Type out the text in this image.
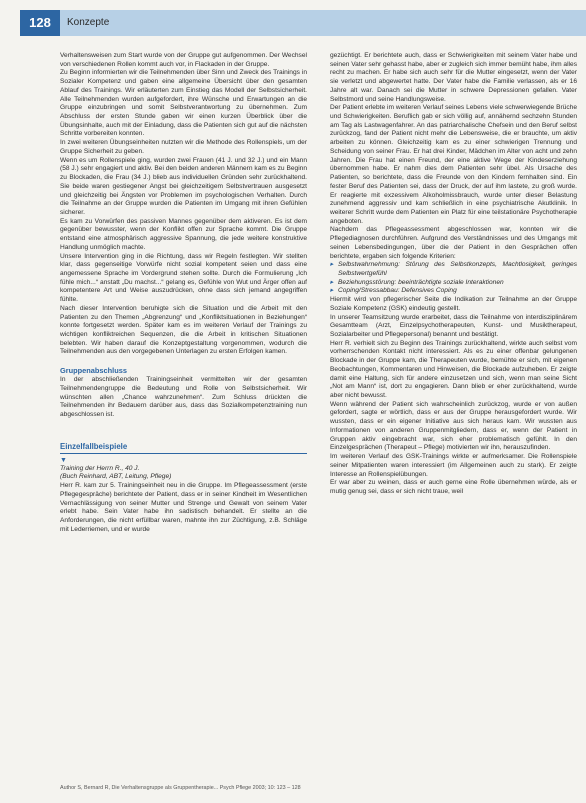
128	Konzepte

Verhaltensweisen zum Start wurde von der Gruppe gut aufgenommen. Der Wechsel von verschiedenen Rollen kommt auch vor, in Flackaden in der Gruppe.

Zu Beginn informierten wir die Teilnehmenden über Sinn und Zweck des Trainings in Sozialer Kompetenz und gaben eine allgemeine Übersicht über den gesamten Ablauf des Trainings. Wir erläuterten zum Einstieg das Modell der Selbstsicherheit. Alle Teilnehmenden wurden aufgefordert, ihre Wünsche und Erwartungen an die Gruppe einzubringen und somit Selbstverantwortung zu übernehmen. Zum Abschluss der ersten Stunde gaben wir einen kurzen Überblick über die Übungsinhalte, auch mit der Einladung, dass die Patienten sich gut auf die nächsten Schritte vorbereiten konnten.

In zwei weiteren Übungseinheiten nutzten wir die Methode des Rollenspiels, um der Gruppe Sicherheit zu geben.

Wenn es um Rollenspiele ging, wurden zwei Frauen (41 J. und 32 J.) und ein Mann (58 J.) sehr engagiert und aktiv. Bei den beiden anderen Männern kam es zu Beginn zu Blockaden, die Frau (34 J.) blieb aus individuellen Gründen sehr zurückhaltend. Sie beide waren gestiegener Angst bei gleichzeitigem Selbstvertrauen ausgesetzt und gleichzeitig bei Ängsten vor Problemen im psychologischen Verhalten. Durch die Teilnahme an der Gruppe wurden die Patienten im Umgang mit ihren Gefühlen sicherer.

Es kam zu Vorwürfen des passiven Mannes gegenüber dem aktiveren. Es ist dem gegenüber bewusster, wenn der Konflikt offen zur Sprache kommt. Die Gruppe entstand eine atmosphärisch aggressive Spannung, die jede weitere konstruktive Handlung unmöglich machte.

Unsere Intervention ging in die Richtung, dass wir Regeln festlegten. Wir stellten klar, dass gegenseitige Vorwürfe nicht sozial kompetent seien und dass eine angemessene Sprache im Vordergrund stehen sollte. Durch die Formulierung „Ich fühle mich...“ anstatt „Du machst...“ gelang es, Gefühle von Wut und Ärger offen auf kompetentere Art und Weise auszudrücken, ohne dass sich jemand angegriffen fühlte.

Nach dieser Intervention beruhigte sich die Situation und die Arbeit mit den Patienten zu den Themen „Abgrenzung“ und „Konfliktsituationen in Beziehungen“ konnte fortgesetzt werden. Später kam es im weiteren Verlauf der Trainings zu wichtigen konfliktreichen Sequenzen, die die Arbeit in kritischen Situationen belebten. Wir haben darauf die Konzeptgestaltung vorgenommen, wodurch die Teilnehmenden aus den vorgegebenen Unterlagen zu ersten Erfolgen kamen.

Gruppenabschluss

In der abschließenden Trainingseinheit vermittelten wir der gesamten Teilnehmendengruppe die Bedeutung und Rolle von Selbstsicherheit. Wir wünschten allen „Chance wahrzunehmen“. Zum Schluss drückten die Teilnehmenden ihr Bedauern darüber aus, dass das Sozialkompetenztraining nun abgeschlossen ist.

Einzelfallbeispiele

▼

Training der Herrn R., 40 J.

(Buch Reinhard, ABT, Leitung, Pflege)

Herr R. kam zur 5. Trainingseinheit neu in die Gruppe. Im Pflegeassessment (erste Pflegegespräche) berichtete der Patient, dass er in seiner Kindheit im Wesentlichen Vernachlässigung von seiner Mutter und Strenge und Gewalt von seinem Vater erlebt habe. Sein Vater habe ihn sadistisch behandelt. Er stellte an die Anforderungen, die nicht erfüllbar waren, mahnte ihn zur Züchtigung, z.B. Schläge mit Lederriemen, und er wurde

gezüchtigt. Er berichtete auch, dass er Schwierigkeiten mit seinem Vater habe und seinen Vater sehr gehasst habe, aber er zugleich sich immer bemüht habe, ihm alles recht zu machen. Er habe sich auch sehr für die Mutter eingesetzt, wenn der Vater sie verletzt und abgewertet hatte. Der Vater habe die Familie verlassen, als er 16 Jahre alt war. Danach sei die Mutter in schwere Depressionen gefallen. Vater Selbstmord und seine Handlungsweise.

Der Patient erlebte im weiteren Verlauf seines Lebens viele schwerwiegende Brüche und Schwierigkeiten. Beruflich gab er sich völlig auf, annähernd sechzehn Stunden am Tag als Lastwagenfahrer. An das patriarchalische Chefsein und den Beruf selbst zurückzog, fand der Patient nicht mehr die Lebensweise, die er brauchte, um aktiv arbeiten zu können. Gleichzeitig kam es zu einer schwierigen Trennung und Scheidung von seiner Frau. Er hat drei Kinder, Mädchen im Alter von acht und zehn Jahren. Die Frau hat einen Freund, der eine aktive Wege der Kindeserziehung übernommen habe. Er nahm dies dem Patienten sehr übel. Als Ursache des Patienten, so berichtete, dass die Freunde von den Kindern fernhalten sind. Ein fester Beruf des Patienten sei, dass der Druck, der auf ihm lastete, zu groß wurde. Er reagierte mit exzessivem Alkoholmissbrauch, wurde unter dieser Belastung zunehmend aggressiv und kam schließlich in eine psychiatrische Akutklinik. In weiterer Schritt wurde dem Patienten ein Platz für eine teilstationäre Psychotherapie angeboten.

Nachdem das Pflegeassessment abgeschlossen war, konnten wir die Pflegediagnosen durchführen. Aufgrund des Verständnisses und des Umgangs mit seinen Lebensbedingungen, über die der Patient in den Gesprächen offen berichtete, ergaben sich folgende Kriterien:

▸ Selbstwahrnehmung: Störung des Selbstkonzepts, Machtlosigkeit, geringes Selbstwertgefühl
▸ Beziehungsstörung: beeinträchtigte soziale Interaktionen
▸ Coping/Stressabbau: Defensives Coping

Hiermit wird von pflegerischer Seite die Indikation zur Teilnahme an der Gruppe Soziale Kompetenz (GSK) eindeutig gestellt.

In unserer Teamsitzung wurde erarbeitet, dass die Teilnahme von interdisziplinärem Gesamtteam (Arzt, Einzelpsychotherapeuten, Kunst- und Musiktherapeut, Sozialarbeiter und Pflegepersonal) benannt und bestätigt.

Herr R. verhielt sich zu Beginn des Trainings zurückhaltend, wirkte auch selbst vom vorherrschenden Kontakt nicht interessiert. Als es zu einer offenbar gelungenen Blockade in der Gruppe kam, die Therapeuten wurde, bemühte er sich, mit eigenen Beobachtungen, Kommentaren und Hinweisen, die Blockade aufzuheben. Er zeigte damit eine Haltung, sich für andere einzusetzen und sich, wenn man seine Sicht „Not am Mann“ ist, dort zu engagieren. Dann blieb er eher zurückhaltend, wurde aber nicht bewusst.

Wenn während der Patient sich wahrscheinlich zurückzog, wurde er von außen gefordert, sagte er wörtlich, dass er aus der Gruppe herausgefordert wurde. Wir wussten, dass er ein eigener Initiative aus sich heraus kam. Wir wussten aus Informationen von anderen Gruppenmitgliedern, dass er, wenn der Patient in Gruppen aktiv eingebracht war, sich eher problematisch gefühlt. In den Einzelgesprächen (Therapeut – Pflege) motivierten wir ihn, herauszufinden.

Im weiteren Verlauf des GSK-Trainings wirkte er aufmerksamer. Die Rollenspiele seiner Mitpatienten waren interessiert (im Allgemeinen auch zu stark). Er zeigte Interesse an Rollenspielübungen.

Er war aber zu weinen, dass er auch gerne eine Rolle übernehmen würde, als er mutig genug sei, dass er sich nicht traue, weil

Author S, Bernard R, Die Verhaltensgruppe als Gruppentherapie... Psych Pflege 2003; 10: 123 – 128
